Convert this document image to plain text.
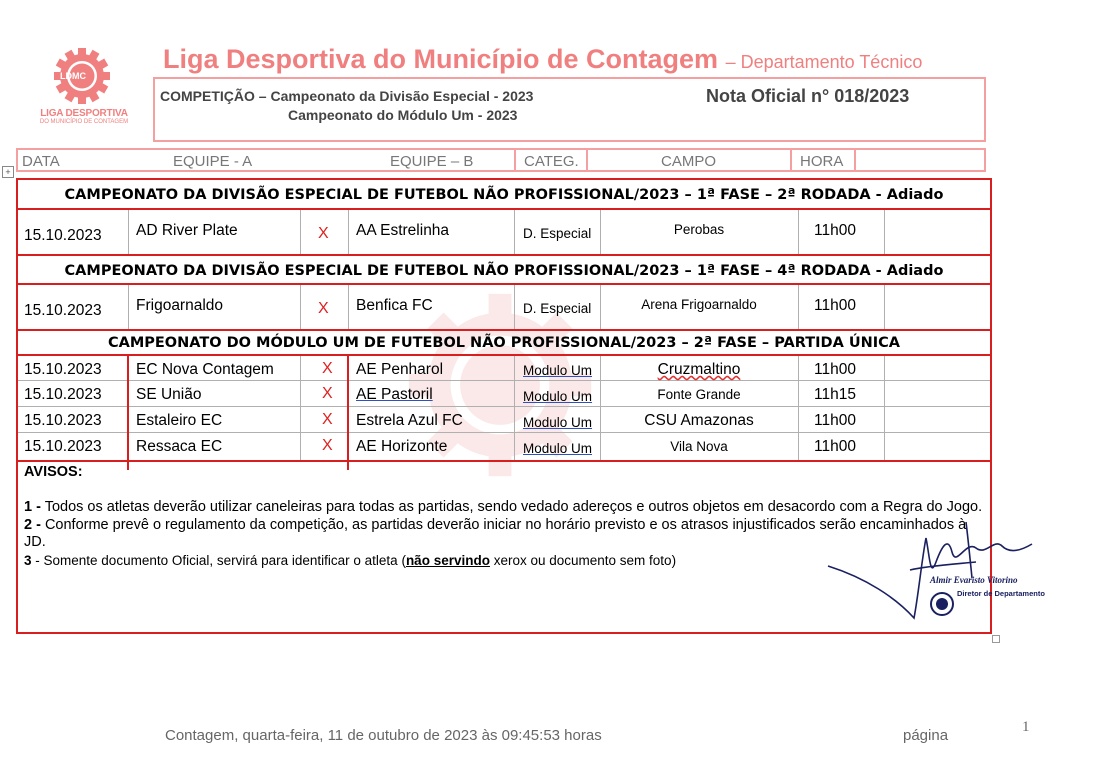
LDMC
LIGA DESPORTIVA
DO MUNICÍPIO DE CONTAGEM
Liga Desportiva do Município de Contagem – Departamento Técnico
COMPETIÇÃO – Campeonato da Divisão Especial - 2023
Campeonato do Módulo Um - 2023
Nota Oficial n° 018/2023
DATA	EQUIPE - A	EQUIPE – B	CATEG.	CAMPO	HORA
+
CAMPEONATO DA DIVISÃO ESPECIAL DE FUTEBOL NÃO PROFISSIONAL/2023 – 1ª FASE – 2ª RODADA - Adiado
15.10.2023 AD River Plate	X AA Estrelinha	D. Especial	Perobas	11h00
CAMPEONATO DA DIVISÃO ESPECIAL DE FUTEBOL NÃO PROFISSIONAL/2023 – 1ª FASE – 4ª RODADA - Adiado
15.10.2023 Frigoarnaldo	X Benfica FC	D. Especial	Arena Frigoarnaldo	11h00
CAMPEONATO DO MÓDULO UM DE FUTEBOL NÃO PROFISSIONAL/2023 – 2ª FASE – PARTIDA ÚNICA
15.10.2023 EC Nova Contagem	X AE Penharol	Modulo Um	Cruzmaltino	11h00
15.10.2023 SE União	X AE Pastoril	Modulo Um	Fonte Grande	11h15
15.10.2023 Estaleiro EC	X Estrela Azul FC	Modulo Um	CSU Amazonas	11h00
15.10.2023 Ressaca EC	X AE Horizonte	Modulo Um	Vila Nova	11h00

AVISOS:

1 - Todos os atletas deverão utilizar caneleiras para todas as partidas, sendo vedado adereços e outros objetos em desacordo com a Regra do Jogo.

2 - Conforme prevê o regulamento da competição, as partidas deverão iniciar no horário previsto e os atrasos injustificados serão encaminhados à JD.

3 - Somente documento Oficial, servirá para identificar o atleta (não servindo xerox ou documento sem foto)

Almir Evaristo Vitorino
Diretor de Departamento
Contagem, quarta-feira, 11 de outubro de 2023 às 09:45:53 horas	página	1
